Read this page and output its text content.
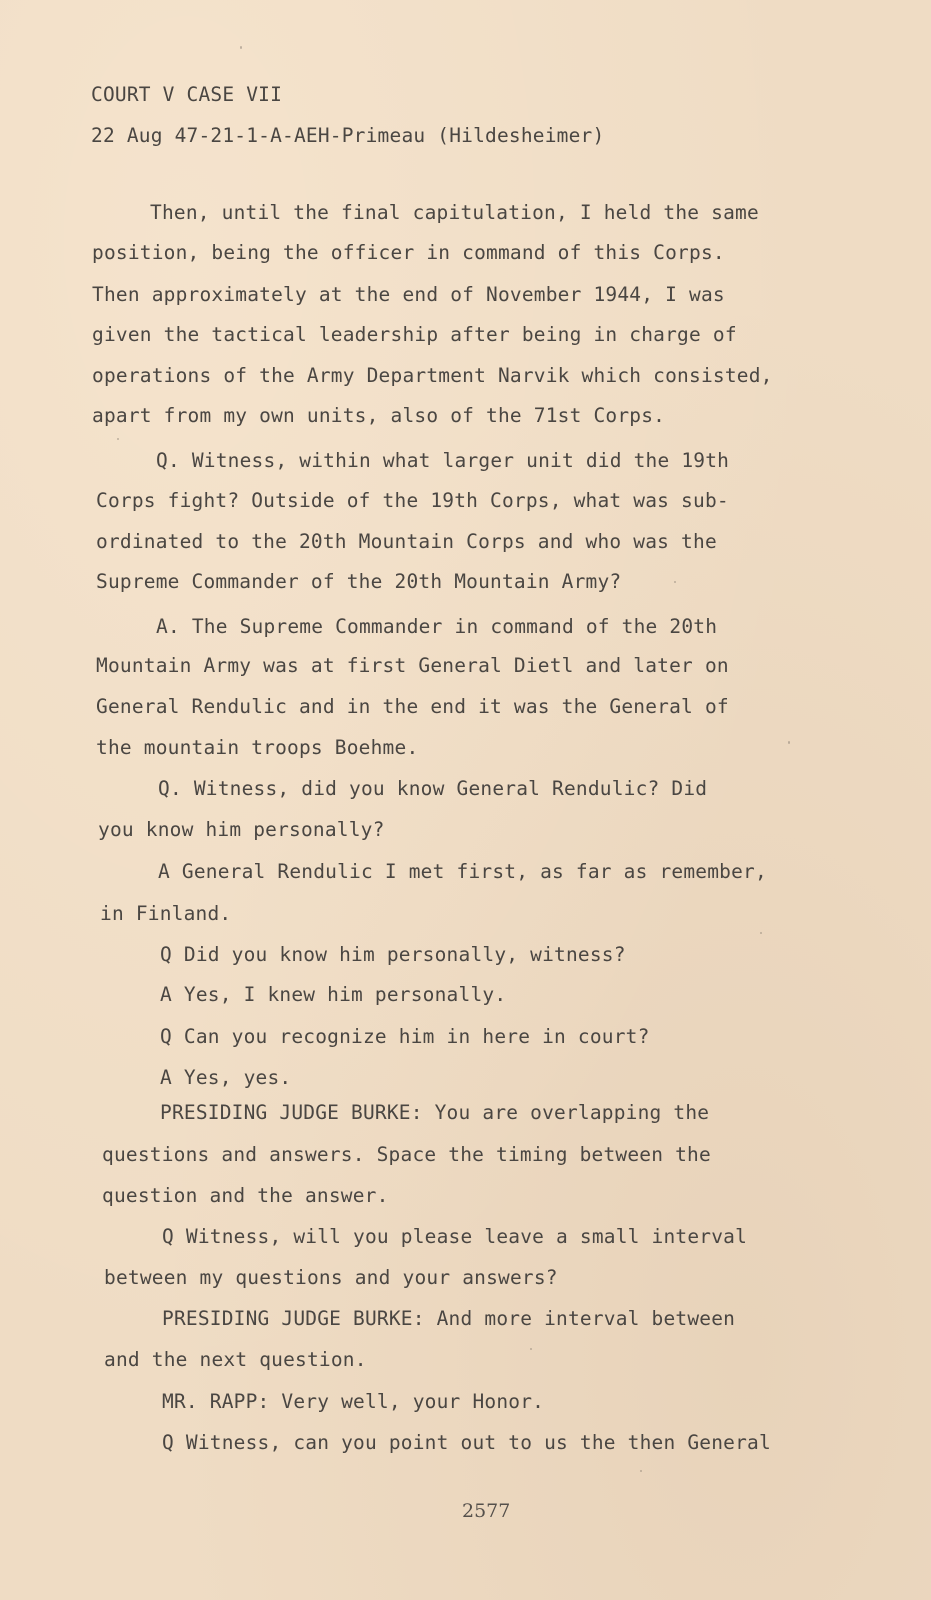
COURT V CASE VII
22 Aug 47-21-1-A-AEH-Primeau (Hildesheimer)
Then, until the final capitulation, I held the same
position, being the officer in command of this Corps.
Then approximately at the end of November 1944, I was
given the tactical leadership after being in charge of
operations of the Army Department Narvik which consisted,
apart from my own units, also of the 71st Corps.
Q. Witness, within what larger unit did the 19th
Corps fight? Outside of the 19th Corps, what was sub-
ordinated to the 20th Mountain Corps and who was the
Supreme Commander of the 20th Mountain Army?
A. The Supreme Commander in command of the 20th
Mountain Army was at first General Dietl and later on
General Rendulic and in the end it was the General of
the mountain troops Boehme.
Q. Witness, did you know General Rendulic? Did
you know him personally?
A General Rendulic I met first, as far as remember,
in Finland.
Q Did you know him personally, witness?
A Yes, I knew him personally.
Q Can you recognize him in here in court?
A Yes, yes.
PRESIDING JUDGE BURKE: You are overlapping the
questions and answers. Space the timing between the
question and the answer.
Q Witness, will you please leave a small interval
between my questions and your answers?
PRESIDING JUDGE BURKE: And more interval between
and the next question.
MR. RAPP: Very well, your Honor.
Q Witness, can you point out to us the then General
2577
